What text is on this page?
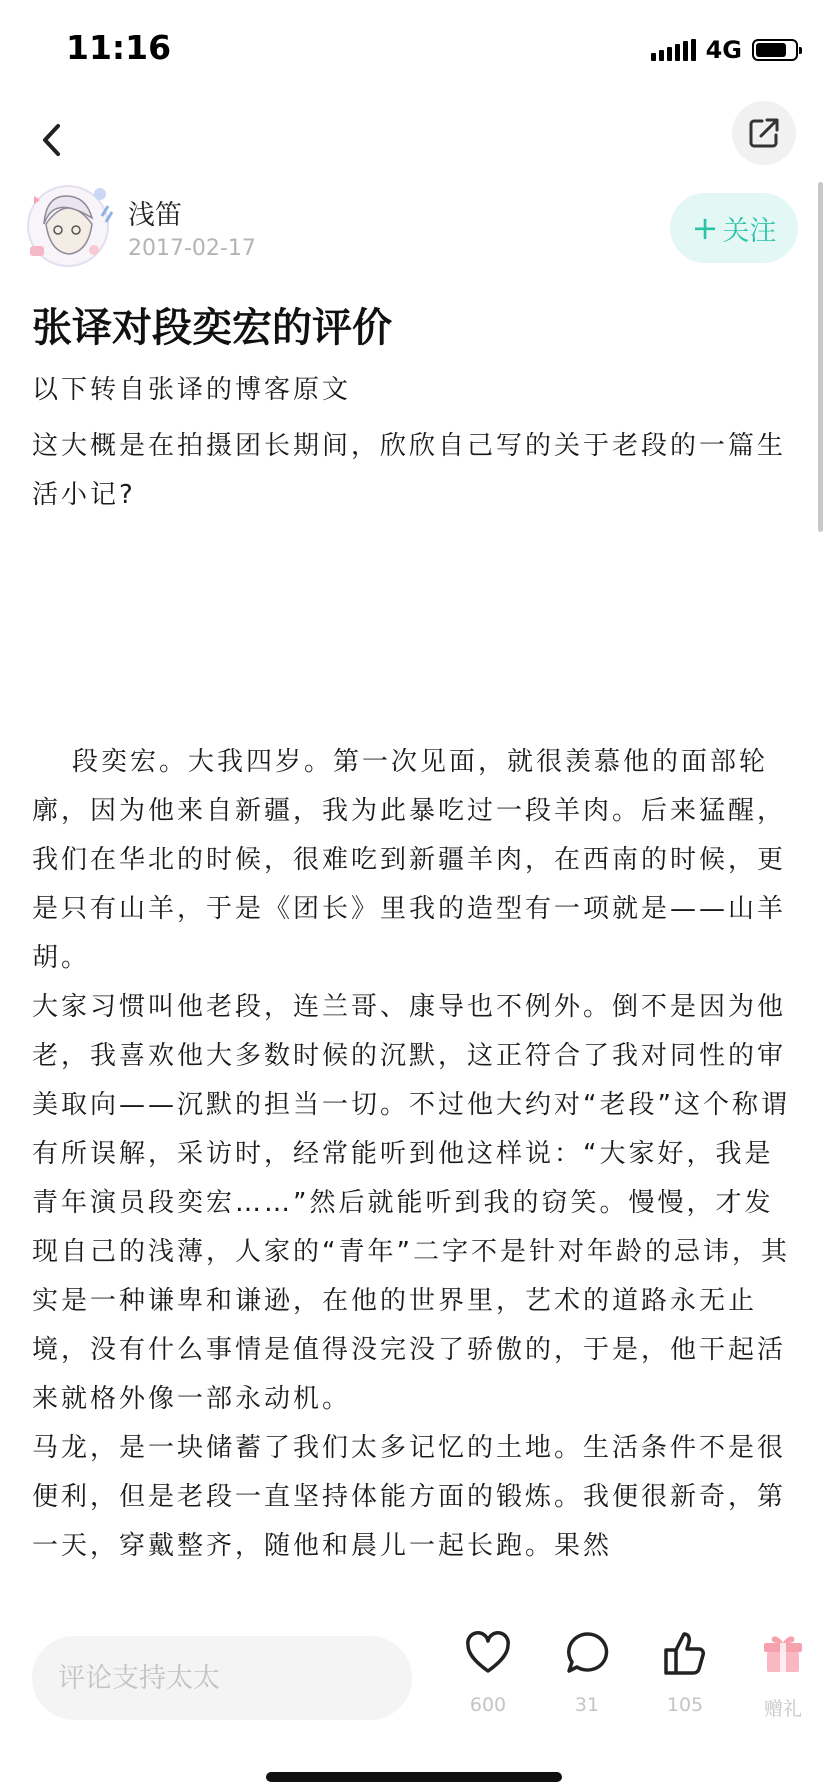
11:16	4G
浅笛
2017-02-17
+ 关注
张译对段奕宏的评价

以下转自张译的博客原文

这大概是在拍摄团长期间，欣欣自己写的关于老段的一篇生活小记?

段奕宏。大我四岁。第一次见面，就很羡慕他的面部轮廓，因为他来自新疆，我为此暴吃过一段羊肉。后来猛醒，我们在华北的时候，很难吃到新疆羊肉，在西南的时候，更是只有山羊，于是《团长》里我的造型有一项就是——山羊胡。

大家习惯叫他老段，连兰哥、康导也不例外。倒不是因为他老，我喜欢他大多数时候的沉默，这正符合了我对同性的审美取向——沉默的担当一切。不过他大约对“老段”这个称谓有所误解，采访时，经常能听到他这样说：“大家好，我是青年演员段奕宏……”然后就能听到我的窃笑。慢慢，才发现自己的浅薄，人家的“青年”二字不是针对年龄的忌讳，其实是一种谦卑和谦逊，在他的世界里，艺术的道路永无止境，没有什么事情是值得没完没了骄傲的，于是，他干起活来就格外像一部永动机。

马龙，是一块储蓄了我们太多记忆的土地。生活条件不是很便利，但是老段一直坚持体能方面的锻炼。我便很新奇，第一天，穿戴整齐，随他和晨儿一起长跑。果然

评论支持太太
600	31	105	赠礼
